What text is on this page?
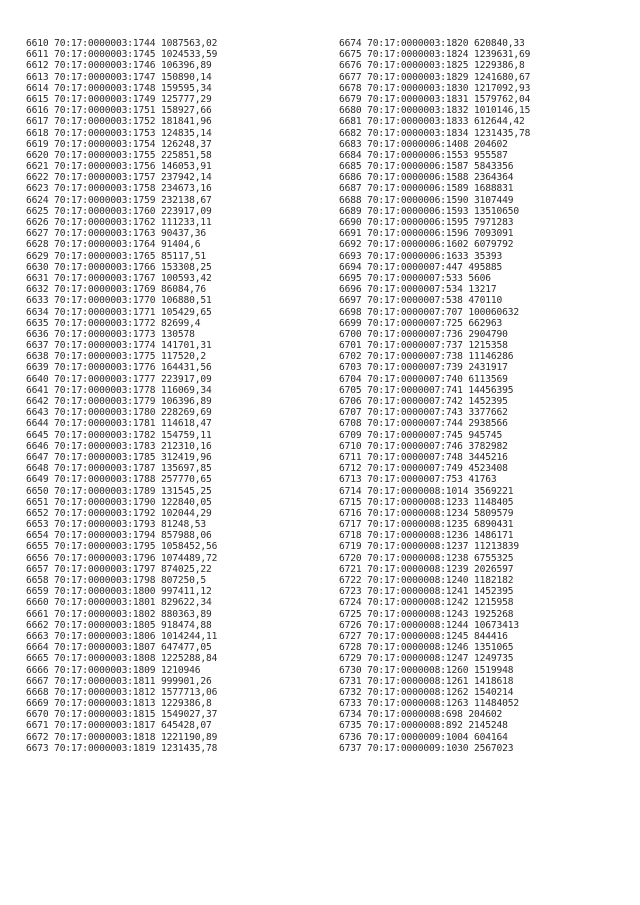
6610 70:17:0000003:1744 1087563,02
6611 70:17:0000003:1745 1024533,59
6612 70:17:0000003:1746 106396,89
6613 70:17:0000003:1747 150890,14
6614 70:17:0000003:1748 159595,34
6615 70:17:0000003:1749 125777,29
6616 70:17:0000003:1751 158927,66
6617 70:17:0000003:1752 181841,96
6618 70:17:0000003:1753 124835,14
6619 70:17:0000003:1754 126248,37
6620 70:17:0000003:1755 225851,58
6621 70:17:0000003:1756 146053,91
6622 70:17:0000003:1757 237942,14
6623 70:17:0000003:1758 234673,16
6624 70:17:0000003:1759 232138,67
6625 70:17:0000003:1760 223917,09
6626 70:17:0000003:1762 111233,11
6627 70:17:0000003:1763 90437,36
6628 70:17:0000003:1764 91404,6
6629 70:17:0000003:1765 85117,51
6630 70:17:0000003:1766 153308,25
6631 70:17:0000003:1767 100593,42
6632 70:17:0000003:1769 86084,76
6633 70:17:0000003:1770 106880,51
6634 70:17:0000003:1771 105429,65
6635 70:17:0000003:1772 82699,4
6636 70:17:0000003:1773 130578
6637 70:17:0000003:1774 141701,31
6638 70:17:0000003:1775 117520,2
6639 70:17:0000003:1776 164431,56
6640 70:17:0000003:1777 223917,09
6641 70:17:0000003:1778 116069,34
6642 70:17:0000003:1779 106396,89
6643 70:17:0000003:1780 228269,69
6644 70:17:0000003:1781 114618,47
6645 70:17:0000003:1782 154759,11
6646 70:17:0000003:1783 212310,16
6647 70:17:0000003:1785 312419,96
6648 70:17:0000003:1787 135697,85
6649 70:17:0000003:1788 257770,65
6650 70:17:0000003:1789 131545,25
6651 70:17:0000003:1790 122840,05
6652 70:17:0000003:1792 102044,29
6653 70:17:0000003:1793 81248,53
6654 70:17:0000003:1794 857988,06
6655 70:17:0000003:1795 1058452,56
6656 70:17:0000003:1796 1074489,72
6657 70:17:0000003:1797 874025,22
6658 70:17:0000003:1798 807250,5
6659 70:17:0000003:1800 997411,12
6660 70:17:0000003:1801 829622,34
6661 70:17:0000003:1802 880363,89
6662 70:17:0000003:1805 918474,88
6663 70:17:0000003:1806 1014244,11
6664 70:17:0000003:1807 647477,05
6665 70:17:0000003:1808 1225288,84
6666 70:17:0000003:1809 1210946
6667 70:17:0000003:1811 999901,26
6668 70:17:0000003:1812 1577713,06
6669 70:17:0000003:1813 1229386,8
6670 70:17:0000003:1815 1549027,37
6671 70:17:0000003:1817 645428,07
6672 70:17:0000003:1818 1221190,89
6673 70:17:0000003:1819 1231435,78
6674 70:17:0000003:1820 620840,33
6675 70:17:0000003:1824 1239631,69
6676 70:17:0000003:1825 1229386,8
6677 70:17:0000003:1829 1241680,67
6678 70:17:0000003:1830 1217092,93
6679 70:17:0000003:1831 1579762,04
6680 70:17:0000003:1832 1010146,15
6681 70:17:0000003:1833 612644,42
6682 70:17:0000003:1834 1231435,78
6683 70:17:0000006:1408 204602
6684 70:17:0000006:1553 955587
6685 70:17:0000006:1587 5843356
6686 70:17:0000006:1588 2364364
6687 70:17:0000006:1589 1688831
6688 70:17:0000006:1590 3107449
6689 70:17:0000006:1593 13510650
6690 70:17:0000006:1595 7971283
6691 70:17:0000006:1596 7093091
6692 70:17:0000006:1602 6079792
6693 70:17:0000006:1633 35393
6694 70:17:0000007:447 495885
6695 70:17:0000007:533 5606
6696 70:17:0000007:534 13217
6697 70:17:0000007:538 470110
6698 70:17:0000007:707 100060632
6699 70:17:0000007:725 662963
6700 70:17:0000007:736 2904790
6701 70:17:0000007:737 1215358
6702 70:17:0000007:738 11146286
6703 70:17:0000007:739 2431917
6704 70:17:0000007:740 6113569
6705 70:17:0000007:741 14456395
6706 70:17:0000007:742 1452395
6707 70:17:0000007:743 3377662
6708 70:17:0000007:744 2938566
6709 70:17:0000007:745 945745
6710 70:17:0000007:746 3782982
6711 70:17:0000007:748 3445216
6712 70:17:0000007:749 4523408
6713 70:17:0000007:753 41763
6714 70:17:0000008:1014 3569221
6715 70:17:0000008:1233 1148405
6716 70:17:0000008:1234 5809579
6717 70:17:0000008:1235 6890431
6718 70:17:0000008:1236 1486171
6719 70:17:0000008:1237 11213839
6720 70:17:0000008:1238 6755325
6721 70:17:0000008:1239 2026597
6722 70:17:0000008:1240 1182182
6723 70:17:0000008:1241 1452395
6724 70:17:0000008:1242 1215958
6725 70:17:0000008:1243 1925268
6726 70:17:0000008:1244 10673413
6727 70:17:0000008:1245 844416
6728 70:17:0000008:1246 1351065
6729 70:17:0000008:1247 1249735
6730 70:17:0000008:1260 1519948
6731 70:17:0000008:1261 1418618
6732 70:17:0000008:1262 1540214
6733 70:17:0000008:1263 11484052
6734 70:17:0000008:698 204602
6735 70:17:0000008:892 2145248
6736 70:17:0000009:1004 604164
6737 70:17:0000009:1030 2567023
